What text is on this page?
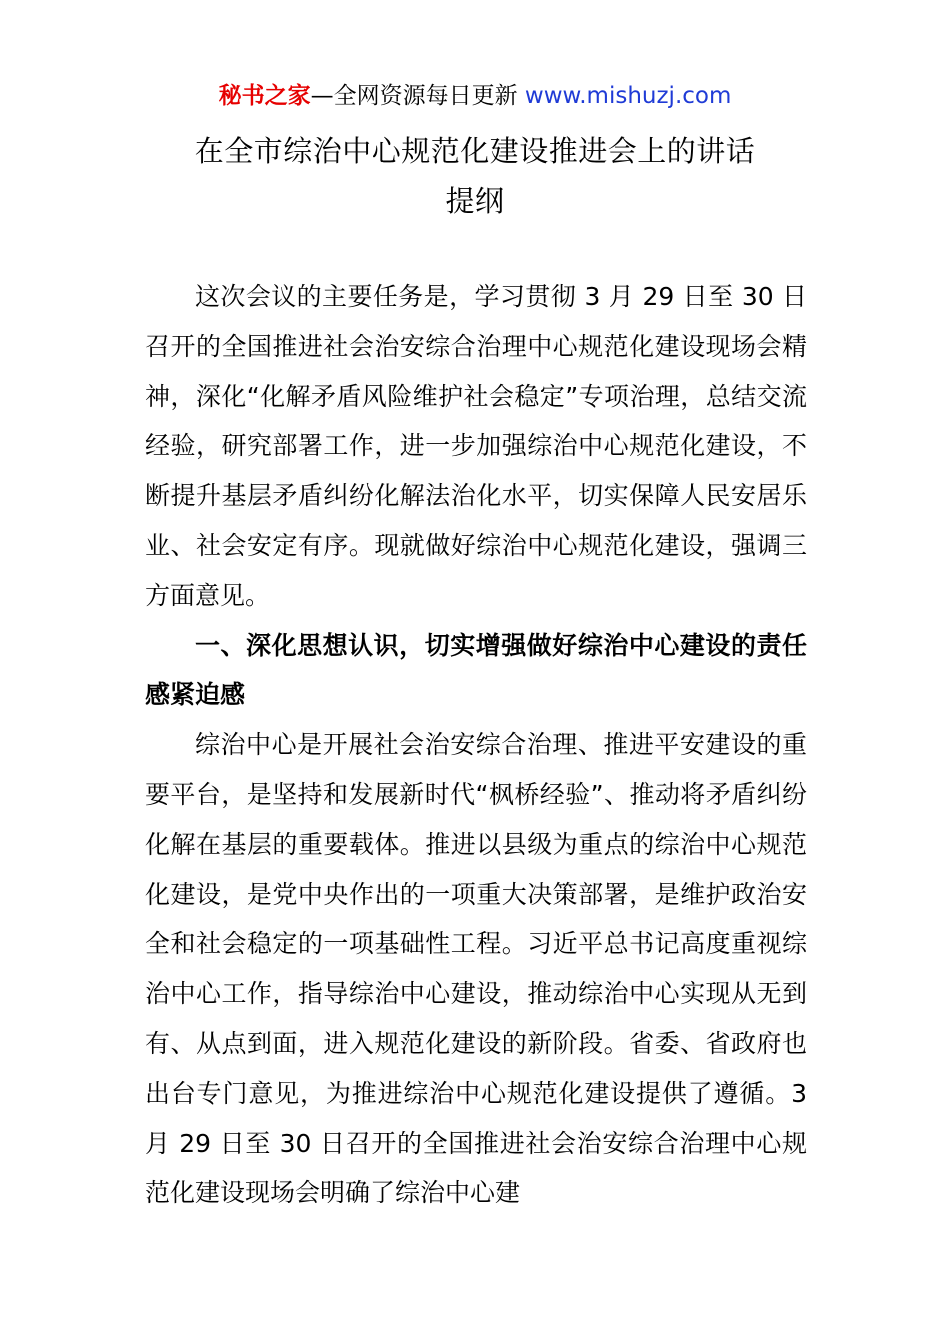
秘书之家—全网资源每日更新 www.mishuzj.com
在全市综治中心规范化建设推进会上的讲话
提纲

这次会议的主要任务是，学习贯彻 3 月 29 日至 30 日召开的全国推进社会治安综合治理中心规范化建设现场会精神，深化“化解矛盾风险维护社会稳定”专项治理，总结交流经验，研究部署工作，进一步加强综治中心规范化建设，不断提升基层矛盾纠纷化解法治化水平，切实保障人民安居乐业、社会安定有序。现就做好综治中心规范化建设，强调三方面意见。

一、深化思想认识，切实增强做好综治中心建设的责任感紧迫感

综治中心是开展社会治安综合治理、推进平安建设的重要平台，是坚持和发展新时代“枫桥经验”、推动将矛盾纠纷化解在基层的重要载体。推进以县级为重点的综治中心规范化建设，是党中央作出的一项重大决策部署，是维护政治安全和社会稳定的一项基础性工程。习近平总书记高度重视综治中心工作，指导综治中心建设，推动综治中心实现从无到有、从点到面，进入规范化建设的新阶段。省委、省政府也出台专门意见，为推进综治中心规范化建设提供了遵循。3 月 29 日至 30 日召开的全国推进社会治安综合治理中心规范化建设现场会明确了综治中心建
